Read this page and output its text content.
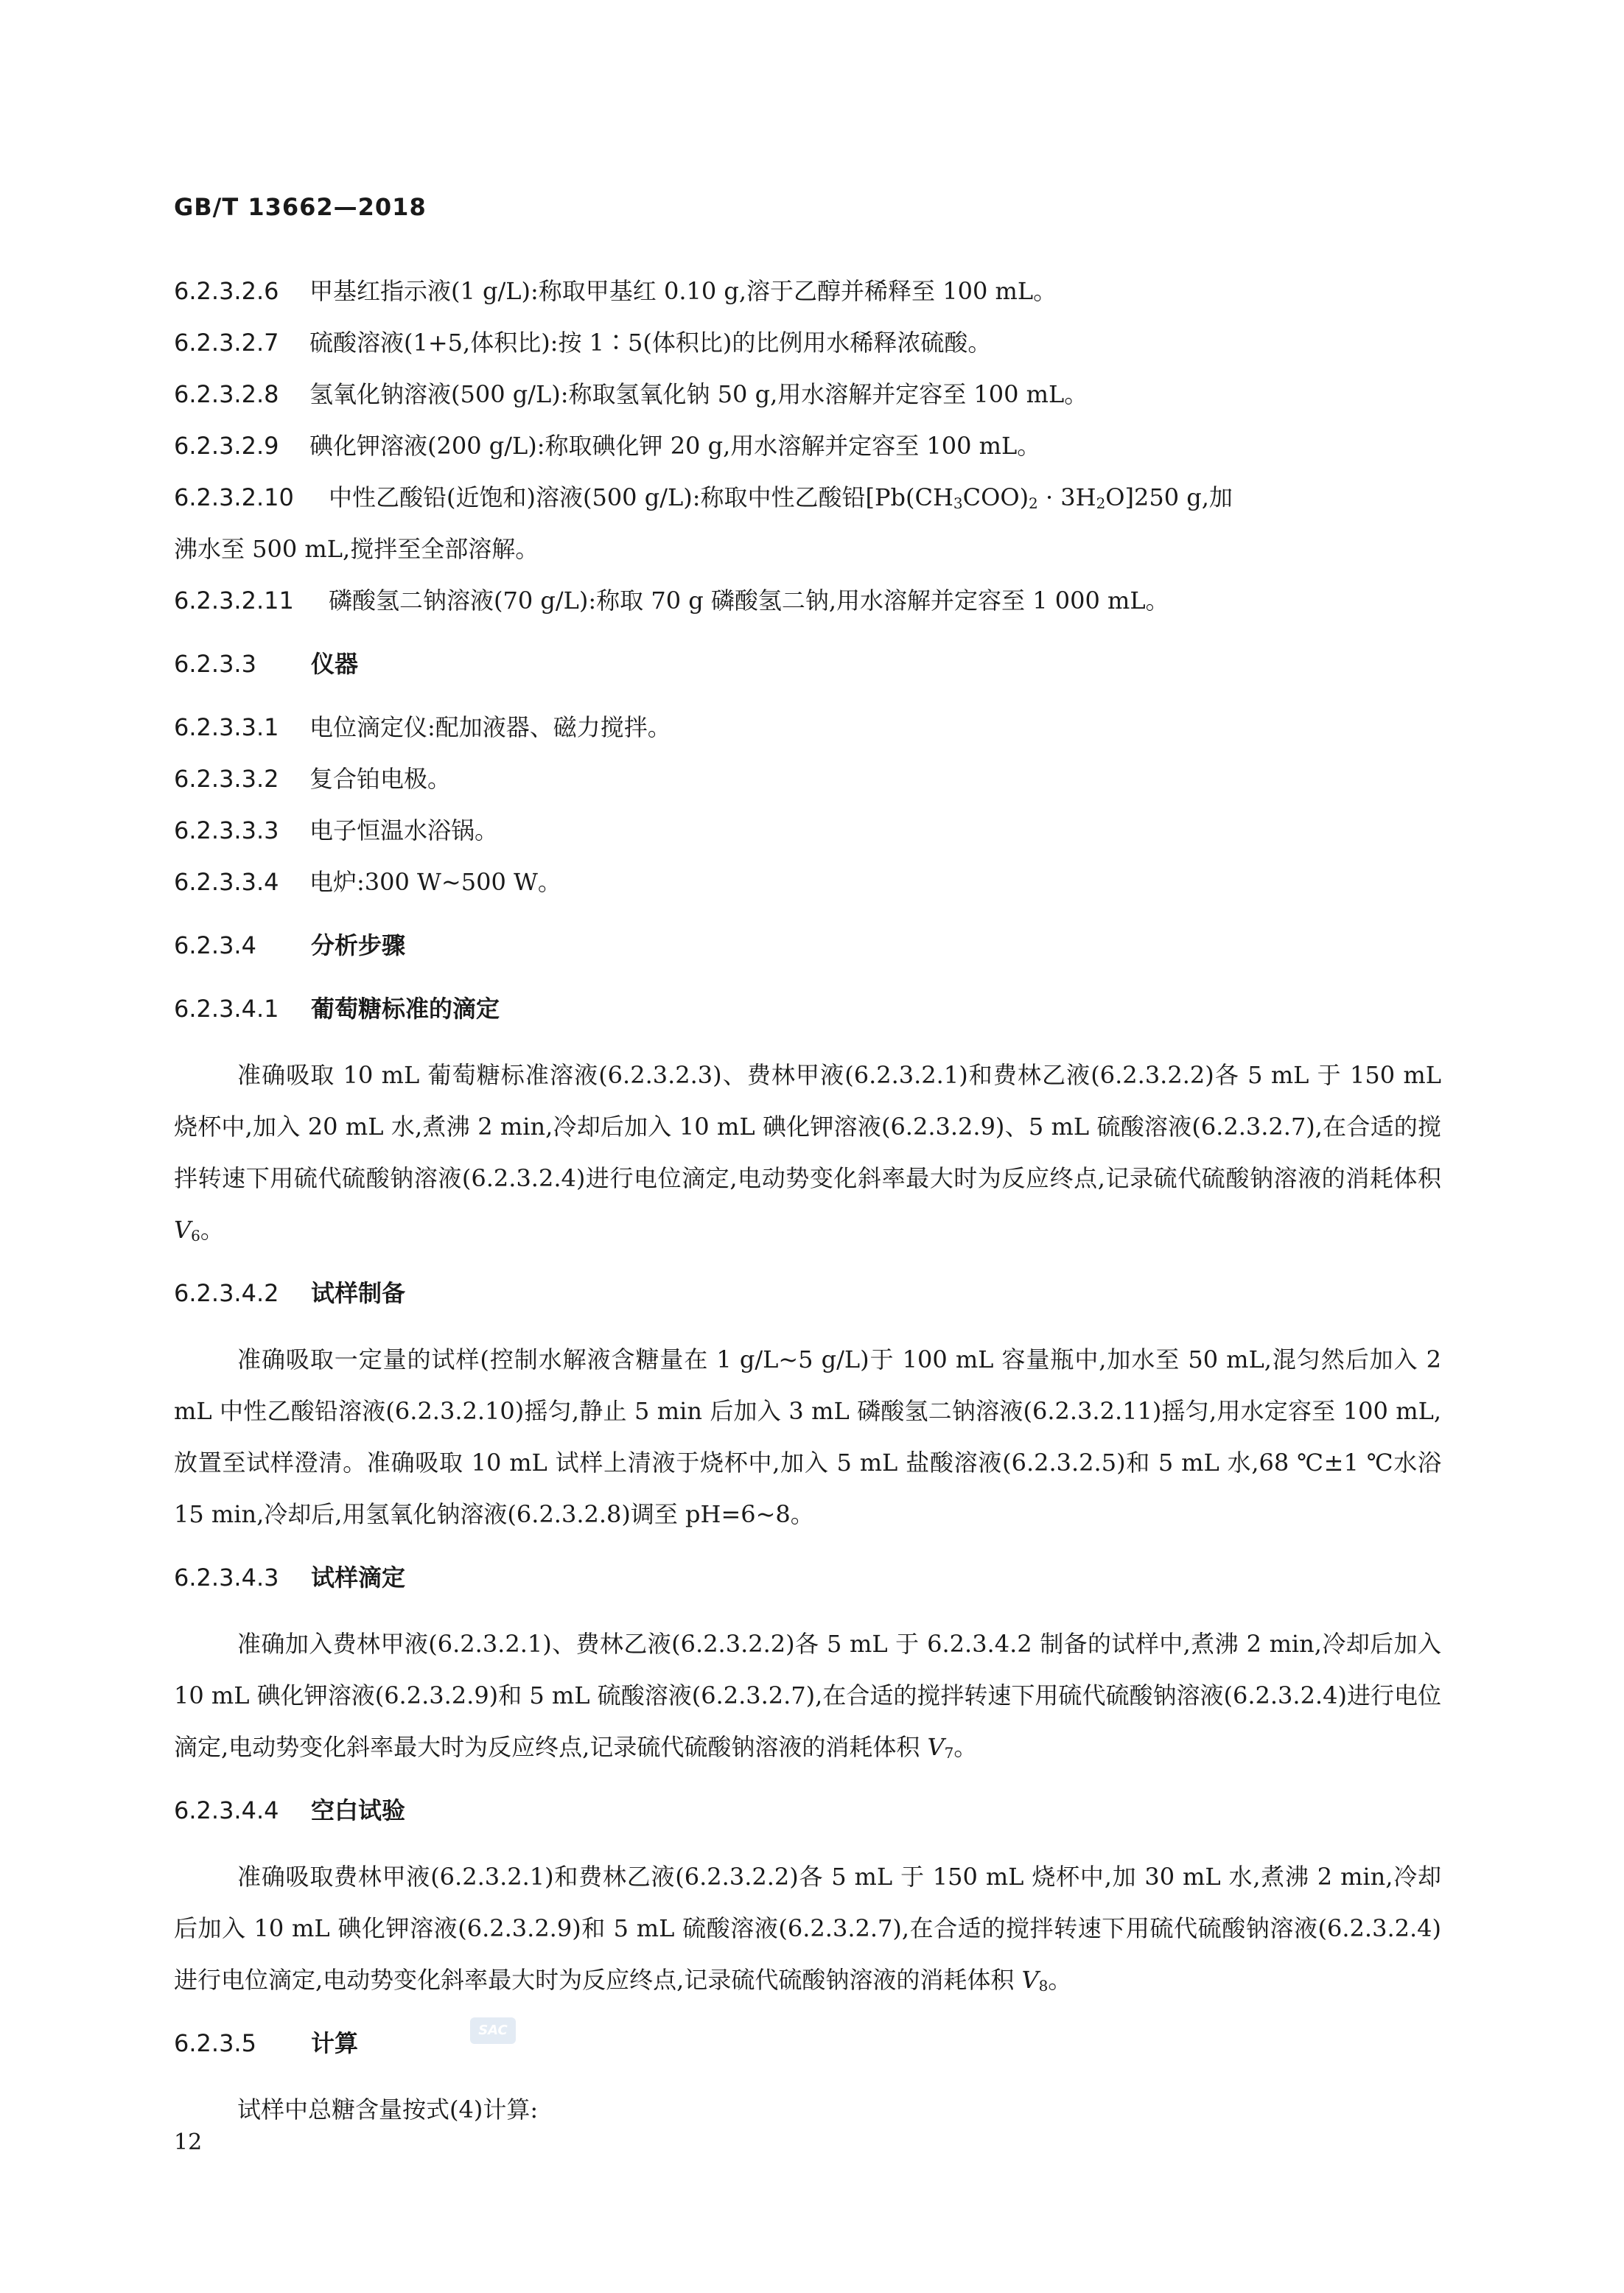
GB/T 13662—2018
6.2.3.2.6 甲基红指示液(1 g/L):称取甲基红 0.10 g,溶于乙醇并稀释至 100 mL。
6.2.3.2.7 硫酸溶液(1+5,体积比):按 1∶5(体积比)的比例用水稀释浓硫酸。
6.2.3.2.8 氢氧化钠溶液(500 g/L):称取氢氧化钠 50 g,用水溶解并定容至 100 mL。
6.2.3.2.9 碘化钾溶液(200 g/L):称取碘化钾 20 g,用水溶解并定容至 100 mL。
6.2.3.2.10 中性乙酸铅(近饱和)溶液(500 g/L):称取中性乙酸铅$[Pb(CH_3COO)_2 \cdot 3H_2O]250$ g,加
沸水至 500 mL,搅拌至全部溶解。
6.2.3.2.11 磷酸氢二钠溶液(70 g/L):称取 70 g 磷酸氢二钠,用水溶解并定容至 1 000 mL。
6.2.3.3 仪器
6.2.3.3.1 电位滴定仪:配加液器、磁力搅拌。
6.2.3.3.2 复合铂电极。
6.2.3.3.3 电子恒温水浴锅。
6.2.3.3.4 电炉:300 W~500 W。
6.2.3.4 分析步骤
6.2.3.4.1 葡萄糖标准的滴定

准确吸取 10 mL 葡萄糖标准溶液(6.2.3.2.3)、费林甲液(6.2.3.2.1)和费林乙液(6.2.3.2.2)各 5 mL 于 150 mL 烧杯中,加入 20 mL 水,煮沸 2 min,冷却后加入 10 mL 碘化钾溶液(6.2.3.2.9)、5 mL 硫酸溶液(6.2.3.2.7),在合适的搅拌转速下用硫代硫酸钠溶液(6.2.3.2.4)进行电位滴定,电动势变化斜率最大时为反应终点,记录硫代硫酸钠溶液的消耗体积 $V_6$。

6.2.3.4.2 试样制备

准确吸取一定量的试样(控制水解液含糖量在 1 g/L~5 g/L)于 100 mL 容量瓶中,加水至 50 mL,混匀然后加入 2 mL 中性乙酸铅溶液(6.2.3.2.10)摇匀,静止 5 min 后加入 3 mL 磷酸氢二钠溶液(6.2.3.2.11)摇匀,用水定容至 100 mL,放置至试样澄清。准确吸取 10 mL 试样上清液于烧杯中,加入 5 mL 盐酸溶液(6.2.3.2.5)和 5 mL 水,68 ℃±1 ℃水浴 15 min,冷却后,用氢氧化钠溶液(6.2.3.2.8)调至 pH=6~8。

6.2.3.4.3 试样滴定

准确加入费林甲液(6.2.3.2.1)、费林乙液(6.2.3.2.2)各 5 mL 于 6.2.3.4.2 制备的试样中,煮沸 2 min,冷却后加入 10 mL 碘化钾溶液(6.2.3.2.9)和 5 mL 硫酸溶液(6.2.3.2.7),在合适的搅拌转速下用硫代硫酸钠溶液(6.2.3.2.4)进行电位滴定,电动势变化斜率最大时为反应终点,记录硫代硫酸钠溶液的消耗体积 $V_7$。

6.2.3.4.4 空白试验

准确吸取费林甲液(6.2.3.2.1)和费林乙液(6.2.3.2.2)各 5 mL 于 150 mL 烧杯中,加 30 mL 水,煮沸 2 min,冷却后加入 10 mL 碘化钾溶液(6.2.3.2.9)和 5 mL 硫酸溶液(6.2.3.2.7),在合适的搅拌转速下用硫代硫酸钠溶液(6.2.3.2.4)进行电位滴定,电动势变化斜率最大时为反应终点,记录硫代硫酸钠溶液的消耗体积 $V_8$。

6.2.3.5 计算

试样中总糖含量按式(4)计算:

SAC
12
